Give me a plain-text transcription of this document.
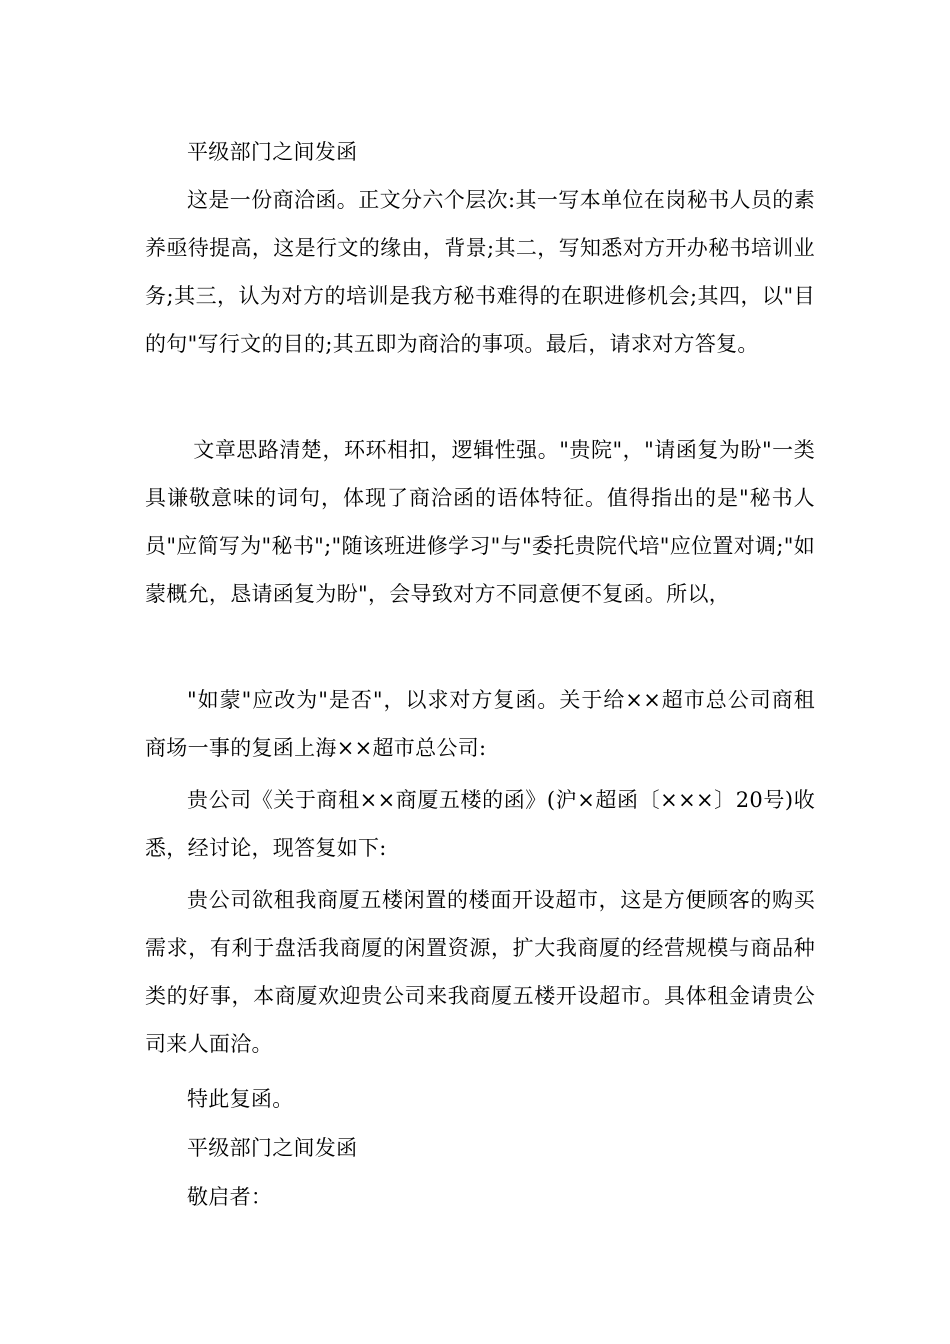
平级部门之间发函

这是一份商洽函。正文分六个层次:其一写本单位在岗秘书人员的素养亟待提高，这是行文的缘由，背景;其二，写知悉对方开办秘书培训业务;其三，认为对方的培训是我方秘书难得的在职进修机会;其四，以"目的句"写行文的目的;其五即为商洽的事项。最后，请求对方答复。

文章思路清楚，环环相扣，逻辑性强。"贵院"，"请函复为盼"一类具谦敬意味的词句，体现了商洽函的语体特征。值得指出的是"秘书人员"应简写为"秘书";"随该班进修学习"与"委托贵院代培"应位置对调;"如蒙概允，恳请函复为盼"，会导致对方不同意便不复函。所以，

"如蒙"应改为"是否"，以求对方复函。关于给××超市总公司商租商场一事的复函上海××超市总公司:

贵公司《关于商租××商厦五楼的函》(沪×超函〔×××〕20号)收悉，经讨论，现答复如下:

贵公司欲租我商厦五楼闲置的楼面开设超市，这是方便顾客的购买需求，有利于盘活我商厦的闲置资源，扩大我商厦的经营规模与商品种类的好事，本商厦欢迎贵公司来我商厦五楼开设超市。具体租金请贵公司来人面洽。

特此复函。

平级部门之间发函

敬启者：
